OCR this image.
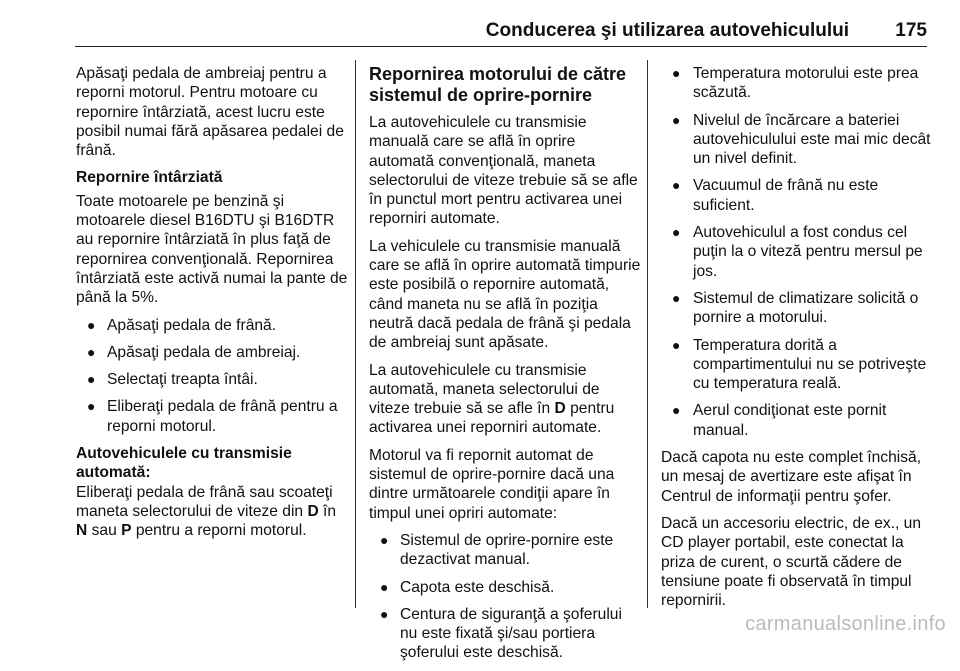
Conducerea şi utilizarea autovehiculului 175

Apăsaţi pedala de ambreiaj pentru a reporni motorul. Pentru motoare cu repornire întârziată, acest lucru este posibil numai fără apăsarea pedalei de frână.

Repornire întârziată

Toate motoarele pe benzină şi motoarele diesel B16DTU şi B16DTR au repornire întârziată în plus faţă de repornirea convenţională. Repornirea întârziată este activă numai la pante de până la 5%.

● Apăsaţi pedala de frână.
● Apăsaţi pedala de ambreiaj.
● Selectaţi treapta întâi.
● Eliberaţi pedala de frână pentru a reporni motorul.

Autovehiculele cu transmisie automată:

Eliberaţi pedala de frână sau scoateţi maneta selectorului de viteze din D în N sau P pentru a reporni motorul.

Repornirea motorului de către sistemul de oprire-pornire

La autovehiculele cu transmisie manuală care se află în oprire automată convenţională, maneta selectorului de viteze trebuie să se afle în punctul mort pentru activarea unei reporniri automate.

La vehiculele cu transmisie manuală care se află în oprire automată timpurie este posibilă o repornire automată, când maneta nu se află în poziţia neutră dacă pedala de frână şi pedala de ambreiaj sunt apăsate.

La autovehiculele cu transmisie automată, maneta selectorului de viteze trebuie să se afle în D pentru activarea unei reporniri automate.

Motorul va fi repornit automat de sistemul de oprire-pornire dacă una dintre următoarele condiţii apare în timpul unei opriri automate:

● Sistemul de oprire-pornire este dezactivat manual.
● Capota este deschisă.
● Centura de siguranţă a şoferului nu este fixată şi/sau portiera şoferului este deschisă.
● Temperatura motorului este prea scăzută.
● Nivelul de încărcare a bateriei autovehiculului este mai mic decât un nivel definit.
● Vacuumul de frână nu este suficient.
● Autovehiculul a fost condus cel puţin la o viteză pentru mersul pe jos.
● Sistemul de climatizare solicită o pornire a motorului.
● Temperatura dorită a compartimentului nu se potriveşte cu temperatura reală.
● Aerul condiţionat este pornit manual.

Dacă capota nu este complet închisă, un mesaj de avertizare este afişat în Centrul de informaţii pentru şofer.

Dacă un accesoriu electric, de ex., un CD player portabil, este conectat la priza de curent, o scurtă cădere de tensiune poate fi observată în timpul repornirii.

carmanualsonline.info
